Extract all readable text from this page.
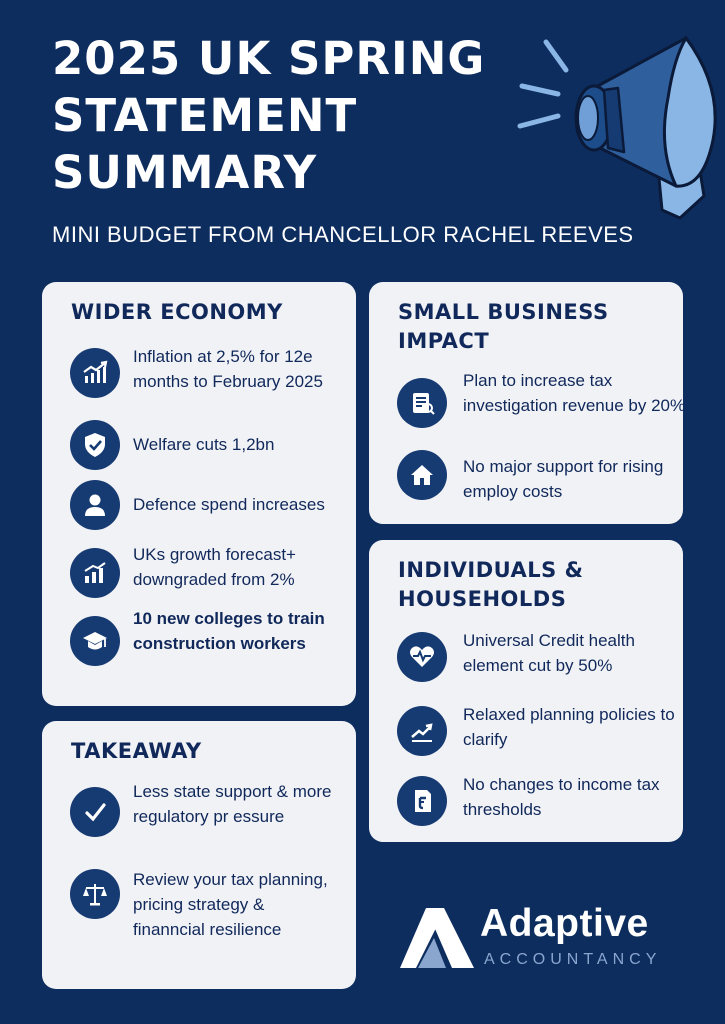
2025 UK SPRING STATEMENT SUMMARY
MINI BUDGET FROM CHANCELLOR RACHEL REEVES
WIDER ECONOMY
Inflation at 2,5% for 12e months to February 2025
Welfare cuts 1,2bn
Defence spend increases
UKs growth forecast+ downgraded from 2%
10 new colleges to train construction workers
SMALL BUSINESS IMPACT
Plan to increase tax investigation revenue by 20%
No major support for rising employ costs
INDIVIDUALS & HOUSEHOLDS
Universal Credit health element cut by 50%
Relaxed planning policies to clarify
No changes to income tax thresholds
TAKEAWAY
Less state support & more regulatory pr essure
Review your tax planning, pricing strategy & finanncial resilience	Adaptive
ACCOUNTANCY
